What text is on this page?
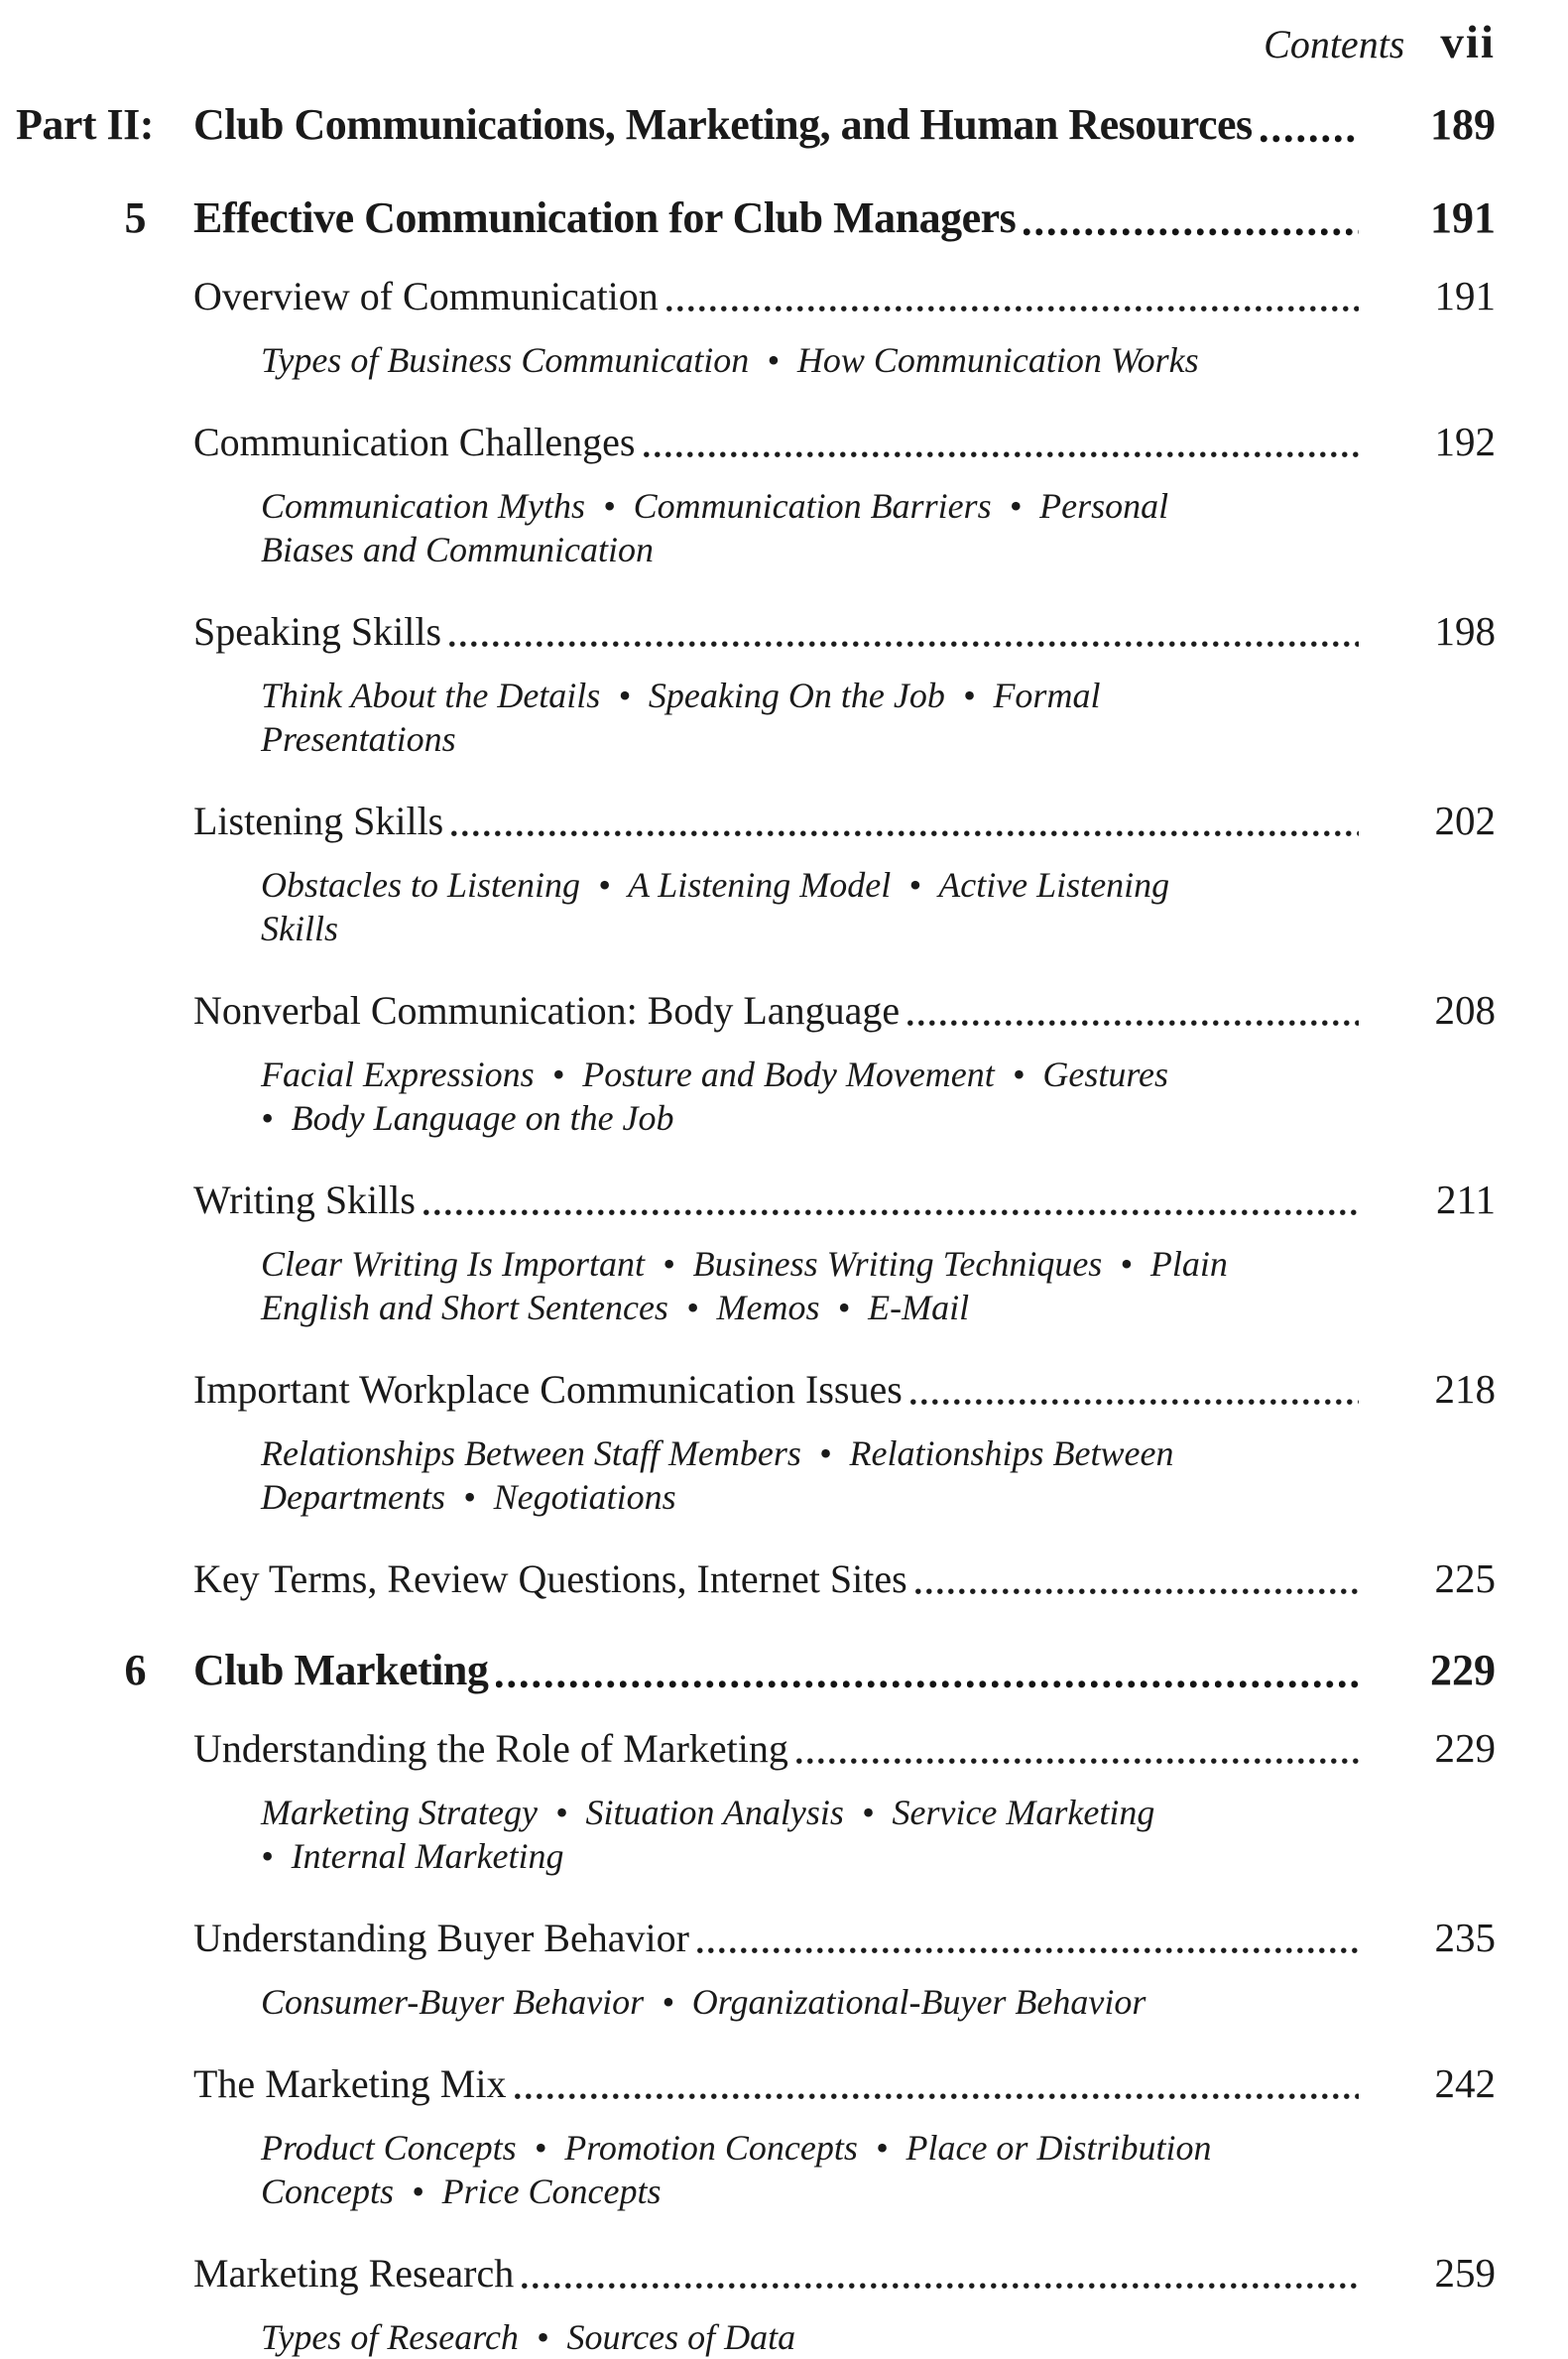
Contents vii
Part II: Club Communications, Marketing, and Human Resources	189
5	Effective Communication for Club Managers	191
Overview of Communication	191
Types of Business Communication  •  How Communication Works
Communication Challenges	192
Communication Myths  •  Communication Barriers  •  Personal
Biases and Communication
Speaking Skills	198
Think About the Details  •  Speaking On the Job  •  Formal
Presentations
Listening Skills	202
Obstacles to Listening  •  A Listening Model  •  Active Listening
Skills
Nonverbal Communication: Body Language	208
Facial Expressions  •  Posture and Body Movement  •  Gestures
•  Body Language on the Job
Writing Skills	211
Clear Writing Is Important  •  Business Writing Techniques  •  Plain
English and Short Sentences  •  Memos  •  E-Mail
Important Workplace Communication Issues	218
Relationships Between Staff Members  •  Relationships Between
Departments  •  Negotiations
Key Terms, Review Questions, Internet Sites	225
6	Club Marketing	229
Understanding the Role of Marketing	229
Marketing Strategy  •  Situation Analysis  •  Service Marketing
•  Internal Marketing
Understanding Buyer Behavior	235
Consumer-Buyer Behavior  •  Organizational-Buyer Behavior
The Marketing Mix	242
Product Concepts  •  Promotion Concepts  •  Place or Distribution
Concepts  •  Price Concepts
Marketing Research	259
Types of Research  •  Sources of Data
